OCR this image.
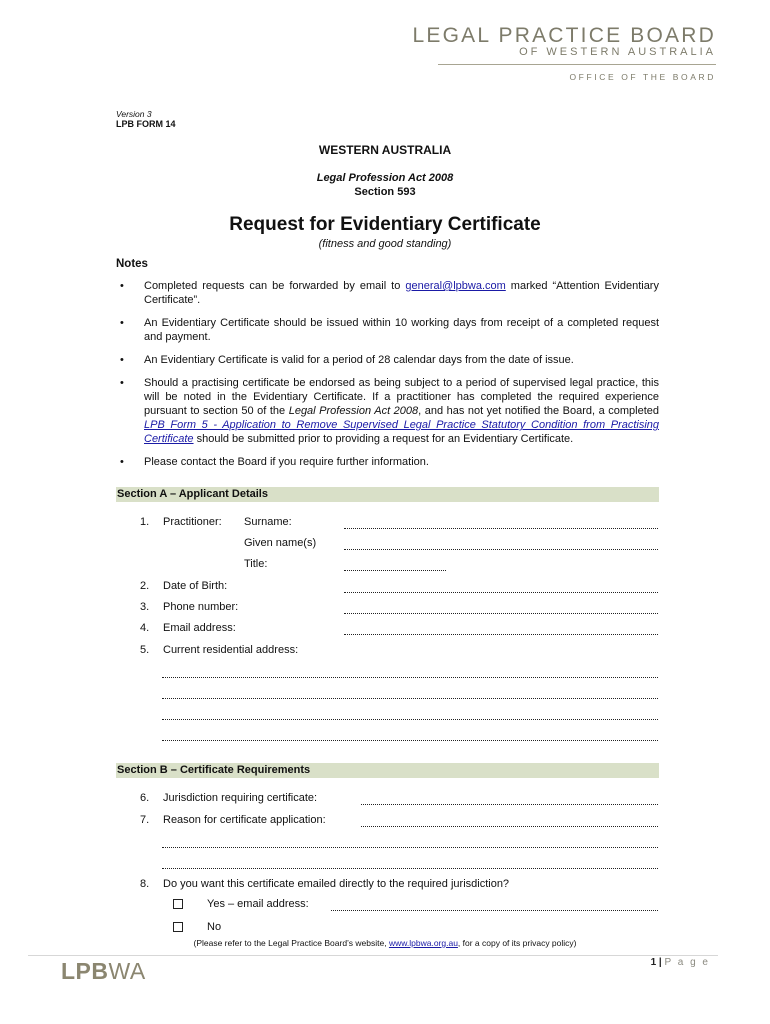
LEGAL PRACTICE BOARD
OF WESTERN AUSTRALIA
OFFICE OF THE BOARD
Version 3
LPB FORM 14
WESTERN AUSTRALIA
Legal Profession Act 2008
Section 593
Request for Evidentiary Certificate
(fitness and good standing)
Notes
• Completed requests can be forwarded by email to general@lpbwa.com marked “Attention Evidentiary Certificate”.
• An Evidentiary Certificate should be issued within 10 working days from receipt of a completed request and payment.
• An Evidentiary Certificate is valid for a period of 28 calendar days from the date of issue.
• Should a practising certificate be endorsed as being subject to a period of supervised legal practice, this will be noted in the Evidentiary Certificate. If a practitioner has completed the required experience pursuant to section 50 of the Legal Profession Act 2008, and has not yet notified the Board, a completed LPB Form 5 - Application to Remove Supervised Legal Practice Statutory Condition from Practising Certificate should be submitted prior to providing a request for an Evidentiary Certificate.
• Please contact the Board if you require further information.
Section A – Applicant Details
1. Practitioner: Surname:
Given name(s)
Title:
2. Date of Birth:
3. Phone number:
4. Email address:
5. Current residential address:
Section B – Certificate Requirements
6. Jurisdiction requiring certificate:
7. Reason for certificate application:
8. Do you want this certificate emailed directly to the required jurisdiction?
Yes – email address:
No
(Please refer to the Legal Practice Board’s website, www.lpbwa.org.au, for a copy of its privacy policy)
LPBWA	1 | P a g e
